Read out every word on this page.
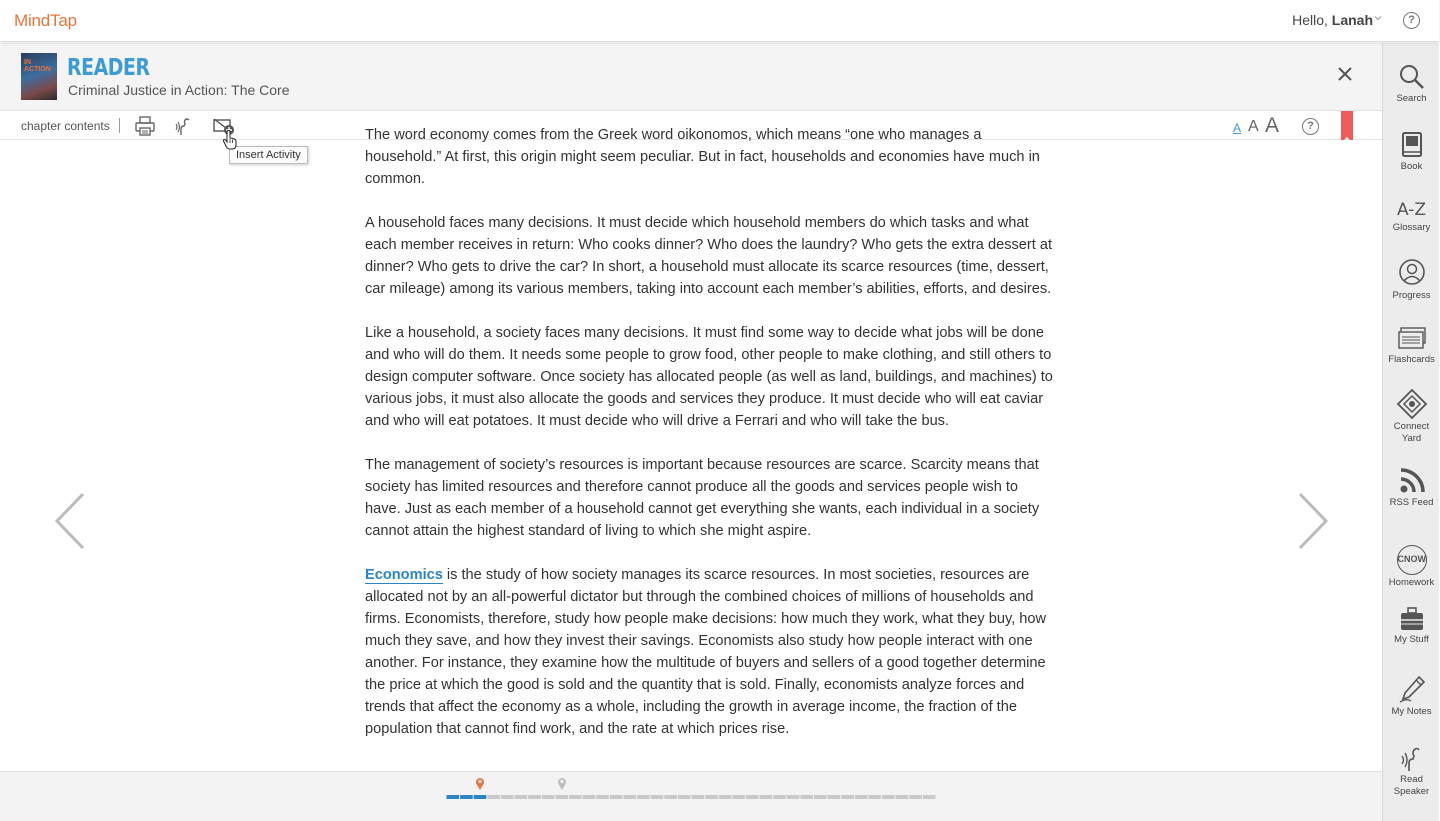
MindTap	Hello, Lanah	?
IN ACTION READER
Criminal Justice in Action: The Core
chapter contents	A A A	?
Insert Activity

The word economy comes from the Greek word oikonomos, which means “one who manages a household.” At first, this origin might seem peculiar. But in fact, households and economies have much in common.

A household faces many decisions. It must decide which household members do which tasks and what each member receives in return: Who cooks dinner? Who does the laundry? Who gets the extra dessert at dinner? Who gets to drive the car? In short, a household must allocate its scarce resources (time, dessert, car mileage) among its various members, taking into account each member’s abilities, efforts, and desires.

Like a household, a society faces many decisions. It must find some way to decide what jobs will be done and who will do them. It needs some people to grow food, other people to make clothing, and still others to design computer software. Once society has allocated people (as well as land, buildings, and machines) to various jobs, it must also allocate the goods and services they produce. It must decide who will eat caviar and who will eat potatoes. It must decide who will drive a Ferrari and who will take the bus.

The management of society’s resources is important because resources are scarce. Scarcity means that society has limited resources and therefore cannot produce all the goods and services people wish to have. Just as each member of a household cannot get everything she wants, each individual in a society cannot attain the highest standard of living to which she might aspire.

Economics is the study of how society manages its scarce resources. In most societies, resources are allocated not by an all-powerful dictator but through the combined choices of millions of households and firms. Economists, therefore, study how people make decisions: how much they work, what they buy, how much they save, and how they invest their savings. Economists also study how people interact with one another. For instance, they examine how the multitude of buyers and sellers of a good together determine the price at which the good is sold and the quantity that is sold. Finally, economists analyze forces and trends that affect the economy as a whole, including the growth in average income, the fraction of the population that cannot find work, and the rate at which prices rise.

Search
Book
A-Z
Glossary
Progress
Flashcards
Connect
Yard
RSS Feed
CNOW
Homework
My Stuff
My Notes
Read
Speaker
